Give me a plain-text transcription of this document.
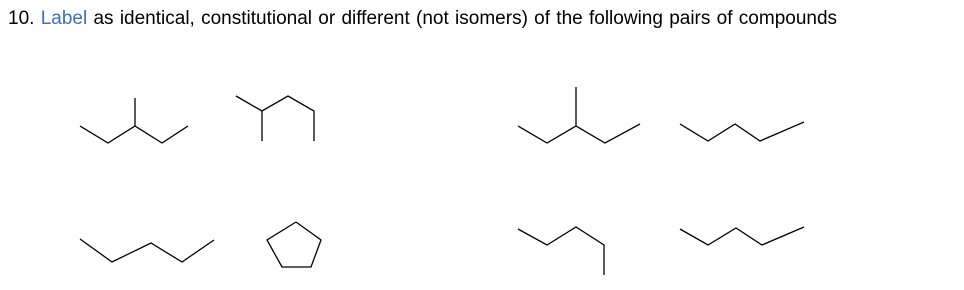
10. Label as identical, constitutional or different (not isomers) of the following pairs of compounds
